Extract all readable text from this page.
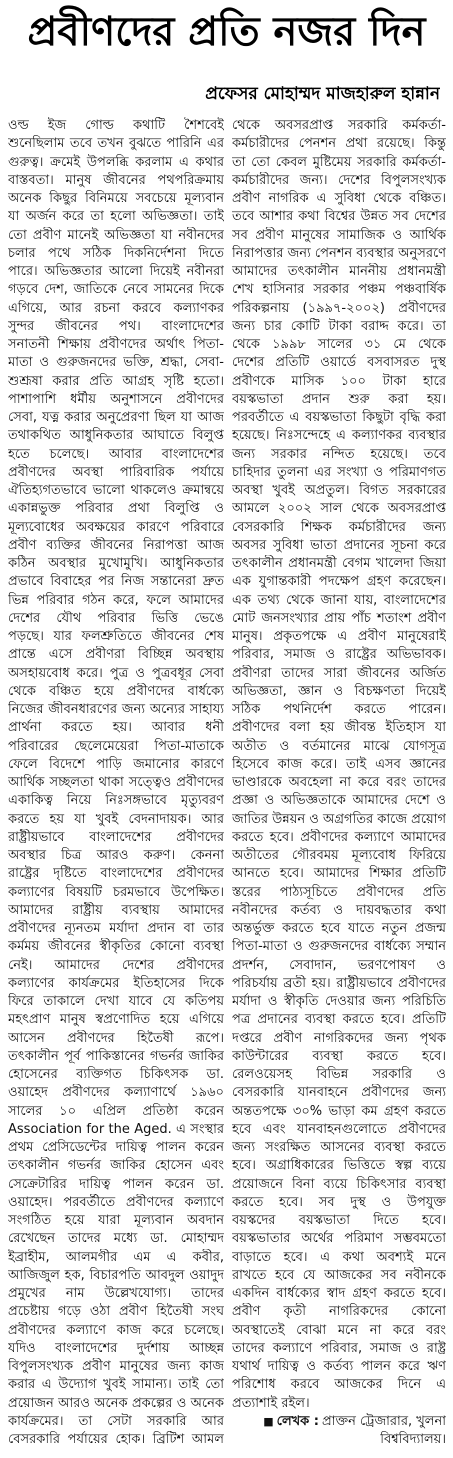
প্রবীণদের প্রতি নজর দিন
প্রফেসর মোহাম্মদ মাজহারুল হান্নান
ওল্ড ইজ গোল্ড কথাটি শৈশবেই
শুনেছিলাম তবে তখন বুঝতে পারিনি এর
গুরুত্ব। ক্রমেই উপলব্ধি করলাম এ কথার
বাস্তবতা। মানুষ জীবনের পথপরিক্রমায়
অনেক কিছুর বিনিময়ে সবচেয়ে মূল্যবান
যা অর্জন করে তা হলো অভিজ্ঞতা। তাই
তো প্রবীণ মানেই অভিজ্ঞতা যা নবীনদের
চলার পথে সঠিক দিকনির্দেশনা দিতে
পারে। অভিজ্ঞতার আলো দিয়েই নবীনরা
গড়বে দেশ, জাতিকে নেবে সামনের দিকে
এগিয়ে, আর রচনা করবে কল্যাণকর
সুন্দর জীবনের পথ। বাংলাদেশের
সনাতনী শিক্ষায় প্রবীণদের অর্থাৎ পিতা-
মাতা ও গুরুজনদের ভক্তি, শ্রদ্ধা, সেবা-
শুশ্রূষা করার প্রতি আগ্রহ সৃষ্টি হতো।
পাশাপাশি ধর্মীয় অনুশাসনে প্রবীণদের
সেবা, যত্ন করার অনুপ্রেরণা ছিল যা আজ
তথাকথিত আধুনিকতার আঘাতে বিলুপ্ত
হতে চলেছে। আবার বাংলাদেশের
প্রবীণদের অবস্থা পারিবারিক পর্যায়ে
ঐতিহ্যগতভাবে ভালো থাকলেও ক্রমান্বয়ে
একান্নভুক্ত পরিবার প্রথা বিলুপ্তি ও
মূল্যবোধের অবক্ষয়ের কারণে পরিবারে
প্রবীণ ব্যক্তির জীবনের নিরাপত্তা আজ
কঠিন অবস্থার মুখোমুখি। আধুনিকতার
প্রভাবে বিবাহের পর নিজ সন্তানেরা দ্রুত
ভিন্ন পরিবার গঠন করে, ফলে আমাদের
দেশের যৌথ পরিবার ভিত্তি ভেঙে
পড়ছে। যার ফলশ্রুতিতে জীবনের শেষ
প্রান্তে এসে প্রবীণরা বিচ্ছিন্ন অবস্থায়
অসহায়বোধ করে। পুত্র ও পুত্রবধূর সেবা
থেকে বঞ্চিত হয়ে প্রবীণদের বার্ধক্যে
নিজের জীবনধারণের জন্য অন্যের সাহায্য
প্রার্থনা করতে হয়। আবার ধনী
পরিবারের ছেলেমেয়েরা পিতা-মাতাকে
ফেলে বিদেশে পাড়ি জমানোর কারণে
আর্থিক সচ্ছলতা থাকা সত্ত্বেও প্রবীণদের
একাকিত্ব নিয়ে নিঃসঙ্গভাবে মৃত্যুবরণ
করতে হয় যা খুবই বেদনাদায়ক। আর
রাষ্ট্রীয়ভাবে বাংলাদেশের প্রবীণদের
অবস্থার চিত্র আরও করুণ। কেননা
রাষ্ট্রের দৃষ্টিতে বাংলাদেশের প্রবীণদের
কল্যাণের বিষয়টি চরমভাবে উপেক্ষিত।
আমাদের রাষ্ট্রীয় ব্যবস্থায় আমাদের
প্রবীণদের ন্যূনতম মর্যাদা প্রদান বা তার
কর্মময় জীবনের স্বীকৃতির কোনো ব্যবস্থা
নেই। আমাদের দেশের প্রবীণদের
কল্যাণের কার্যক্রমের ইতিহাসের দিকে
ফিরে তাকালে দেখা যাবে যে কতিপয়
মহৎপ্রাণ মানুষ স্বপ্রণোদিত হয়ে এগিয়ে
আসেন প্রবীণদের হিতৈষী রূপে।
তৎকালীন পূর্ব পাকিস্তানের গভর্নর জাকির
হোসেনের ব্যক্তিগত চিকিৎসক ডা.
ওয়াহেদ প্রবীণদের কল্যাণার্থে ১৯৬০
সালের ১০ এপ্রিল প্রতিষ্ঠা করেন
Association for the Aged. এ সংস্থার
প্রথম প্রেসিডেন্টের দায়িত্ব পালন করেন
তৎকালীন গভর্নর জাকির হোসেন এবং
সেক্রেটারির দায়িত্ব পালন করেন ডা.
ওয়াহেদ। পরবর্তীতে প্রবীণদের কল্যাণে
সংগঠিত হয়ে যারা মূল্যবান অবদান
রেখেছেন তাদের মধ্যে ডা. মোহাম্মদ
ইব্রাহীম, আলমগীর এম এ কবীর,
আজিজুল হক, বিচারপতি আবদুল ওয়াদুদ
প্রমুখের নাম উল্লেখযোগ্য। তাদের
প্রচেষ্টায় গড়ে ওঠা প্রবীণ হিতৈষী সংঘ
প্রবীণদের কল্যাণে কাজ করে চলেছে।
যদিও বাংলাদেশের দুর্দশায় আচ্ছন্ন
বিপুলসংখ্যক প্রবীণ মানুষের জন্য কাজ
করার এ উদ্যোগ খুবই সামান্য। তাই তো
প্রয়োজন আরও অনেক প্রকল্পের ও অনেক
কার্যক্রমের। তা সেটা সরকারি আর
বেসরকারি পর্যায়ের হোক। ব্রিটিশ আমল
থেকে অবসরপ্রাপ্ত সরকারি কর্মকর্তা-
কর্মচারীদের পেনশন প্রথা রয়েছে। কিন্তু
তা তো কেবল মুষ্টিমেয় সরকারি কর্মকর্তা-
কর্মচারীদের জন্য। দেশের বিপুলসংখ্যক
প্রবীণ নাগরিক এ সুবিধা থেকে বঞ্চিত।
তবে আশার কথা বিশ্বের উন্নত সব দেশের
সব প্রবীণ মানুষের সামাজিক ও আর্থিক
নিরাপত্তার জন্য পেনশন ব্যবস্থার অনুসরণে
আমাদের তৎকালীন মাননীয় প্রধানমন্ত্রী
শেখ হাসিনার সরকার পঞ্চম পঞ্চবার্ষিক
পরিকল্পনায় (১৯৯৭-২০০২) প্রবীণদের
জন্য চার কোটি টাকা বরাদ্দ করে। তা
থেকে ১৯৯৮ সালের ৩১ মে থেকে
দেশের প্রতিটি ওয়ার্ডে বসবাসরত দুস্থ
প্রবীণকে মাসিক ১০০ টাকা হারে
বয়স্কভাতা প্রদান শুরু করা হয়।
পরবর্তীতে এ বয়স্কভাতা কিছুটা বৃদ্ধি করা
হয়েছে। নিঃসন্দেহে এ কল্যাণকর ব্যবস্থার
জন্য সরকার নন্দিত হয়েছে। তবে
চাহিদার তুলনা এর সংখ্যা ও পরিমাণগত
অবস্থা খুবই অপ্রতুল। বিগত সরকারের
আমলে ২০০২ সাল থেকে অবসরপ্রাপ্ত
বেসরকারি শিক্ষক কর্মচারীদের জন্য
অবসর সুবিধা ভাতা প্রদানের সূচনা করে
তৎকালীন প্রধানমন্ত্রী বেগম খালেদা জিয়া
এক যুগান্তকারী পদক্ষেপ গ্রহণ করেছেন।
এক তথ্য থেকে জানা যায়, বাংলাদেশের
মোট জনসংখ্যার প্রায় পাঁচ শতাংশ প্রবীণ
মানুষ। প্রকৃতপক্ষে এ প্রবীণ মানুষেরাই
পরিবার, সমাজ ও রাষ্ট্রের অভিভাবক।
প্রবীণরা তাদের সারা জীবনের অর্জিত
অভিজ্ঞতা, জ্ঞান ও বিচক্ষণতা দিয়েই
সঠিক পথনির্দেশ করতে পারেন।
প্রবীণদের বলা হয় জীবন্ত ইতিহাস যা
অতীত ও বর্তমানের মাঝে যোগসূত্র
হিসেবে কাজ করে। তাই এসব জ্ঞানের
ভাণ্ডারকে অবহেলা না করে বরং তাদের
প্রজ্ঞা ও অভিজ্ঞতাকে আমাদের দেশে ও
জাতির উন্নয়ন ও অগ্রগতির কাজে প্রয়োগ
করতে হবে। প্রবীণদের কল্যাণে আমাদের
অতীতের গৌরবময় মূল্যবোধ ফিরিয়ে
আনতে হবে। আমাদের শিক্ষার প্রতিটি
স্তরের পাঠ্যসূচিতে প্রবীণদের প্রতি
নবীনদের কর্তব্য ও দায়বদ্ধতার কথা
অন্তর্ভুক্ত করতে হবে যাতে নতুন প্রজন্ম
পিতা-মাতা ও গুরুজনদের বার্ধক্যে সম্মান
প্রদর্শন, সেবাদান, ভরণপোষণ ও
পরিচর্যায় ব্রতী হয়। রাষ্ট্রীয়ভাবে প্রবীণদের
মর্যাদা ও স্বীকৃতি দেওয়ার জন্য পরিচিতি
পত্র প্রদানের ব্যবস্থা করতে হবে। প্রতিটি
দপ্তরে প্রবীণ নাগরিকদের জন্য পৃথক
কাউন্টারের ব্যবস্থা করতে হবে।
রেলওয়েসহ বিভিন্ন সরকারি ও
বেসরকারি যানবাহনে প্রবীণদের জন্য
অন্ততপক্ষে ৩০% ভাড়া কম গ্রহণ করতে
হবে এবং যানবাহনগুলোতে প্রবীণদের
জন্য সংরক্ষিত আসনের ব্যবস্থা করতে
হবে। অগ্রাধিকারের ভিত্তিতে স্বল্প ব্যয়ে
প্রয়োজনে বিনা ব্যয়ে চিকিৎসার ব্যবস্থা
করতে হবে। সব দুস্থ ও উপযুক্ত
বয়স্কদের বয়স্কভাতা দিতে হবে।
বয়স্কভাতার অর্থের পরিমাণ সম্ভবমতো
বাড়াতে হবে। এ কথা অবশ্যই মনে
রাখতে হবে যে আজকের সব নবীনকে
একদিন বার্ধক্যের স্বাদ গ্রহণ করতে হবে।
প্রবীণ কৃতী নাগরিকদের কোনো
অবস্থাতেই বোঝা মনে না করে বরং
তাদের কল্যাণে পরিবার, সমাজ ও রাষ্ট্র
যথার্থ দায়িত্ব ও কর্তব্য পালন করে ঋণ
পরিশোধ করবে আজকের দিনে এ
প্রত্যাশাই রইল।
■ লেখক : প্রাক্তন ট্রেজারার, খুলনা
বিশ্ববিদ্যালয়।
